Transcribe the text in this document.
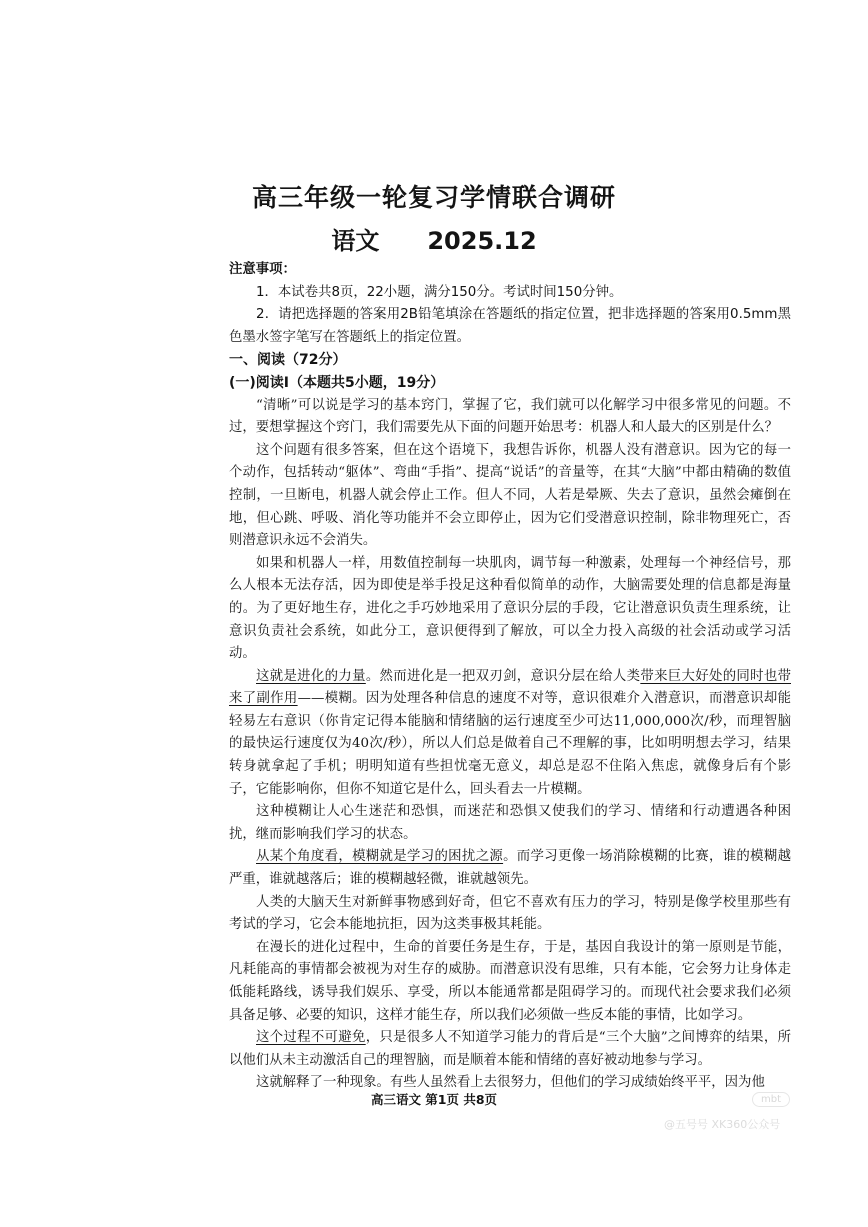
高三年级一轮复习学情联合调研
语文 2025.12

注意事项：

1．本试卷共8页，22小题，满分150分。考试时间150分钟。

2．请把选择题的答案用2B铅笔填涂在答题纸的指定位置，把非选择题的答案用0.5mm黑色墨水签字笔写在答题纸上的指定位置。

一、阅读（72分）

(一)阅读Ⅰ（本题共5小题，19分）

“清晰”可以说是学习的基本窍门，掌握了它，我们就可以化解学习中很多常见的问题。不过，要想掌握这个窍门，我们需要先从下面的问题开始思考：机器人和人最大的区别是什么？

这个问题有很多答案，但在这个语境下，我想告诉你，机器人没有潜意识。因为它的每一个动作，包括转动“躯体”、弯曲“手指”、提高“说话”的音量等，在其“大脑”中都由精确的数值控制，一旦断电，机器人就会停止工作。但人不同，人若是晕厥、失去了意识，虽然会瘫倒在地，但心跳、呼吸、消化等功能并不会立即停止，因为它们受潜意识控制，除非物理死亡，否则潜意识永远不会消失。

如果和机器人一样，用数值控制每一块肌肉，调节每一种激素，处理每一个神经信号，那么人根本无法存活，因为即使是举手投足这种看似简单的动作，大脑需要处理的信息都是海量的。为了更好地生存，进化之手巧妙地采用了意识分层的手段，它让潜意识负责生理系统，让意识负责社会系统，如此分工，意识便得到了解放，可以全力投入高级的社会活动或学习活动。

这就是进化的力量。然而进化是一把双刃剑，意识分层在给人类带来巨大好处的同时也带来了副作用——模糊。因为处理各种信息的速度不对等，意识很难介入潜意识，而潜意识却能轻易左右意识（你肯定记得本能脑和情绪脑的运行速度至少可达11,000,000次/秒，而理智脑的最快运行速度仅为40次/秒），所以人们总是做着自己不理解的事，比如明明想去学习，结果转身就拿起了手机；明明知道有些担忧毫无意义，却总是忍不住陷入焦虑，就像身后有个影子，它能影响你，但你不知道它是什么，回头看去一片模糊。

这种模糊让人心生迷茫和恐惧，而迷茫和恐惧又使我们的学习、情绪和行动遭遇各种困扰，继而影响我们学习的状态。

从某个角度看，模糊就是学习的困扰之源。而学习更像一场消除模糊的比赛，谁的模糊越严重，谁就越落后；谁的模糊越轻微，谁就越领先。

人类的大脑天生对新鲜事物感到好奇，但它不喜欢有压力的学习，特别是像学校里那些有考试的学习，它会本能地抗拒，因为这类事极其耗能。

在漫长的进化过程中，生命的首要任务是生存，于是，基因自我设计的第一原则是节能，凡耗能高的事情都会被视为对生存的威胁。而潜意识没有思维，只有本能，它会努力让身体走低能耗路线，诱导我们娱乐、享受，所以本能通常都是阻碍学习的。而现代社会要求我们必须具备足够、必要的知识，这样才能生存，所以我们必须做一些反本能的事情，比如学习。

这个过程不可避免，只是很多人不知道学习能力的背后是“三个大脑”之间博弈的结果，所以他们从未主动激活自己的理智脑，而是顺着本能和情绪的喜好被动地参与学习。

这就解释了一种现象。有些人虽然看上去很努力，但他们的学习成绩始终平平，因为他

高三语文 第1页 共8页	mbt
@五号号 XK360公众号
